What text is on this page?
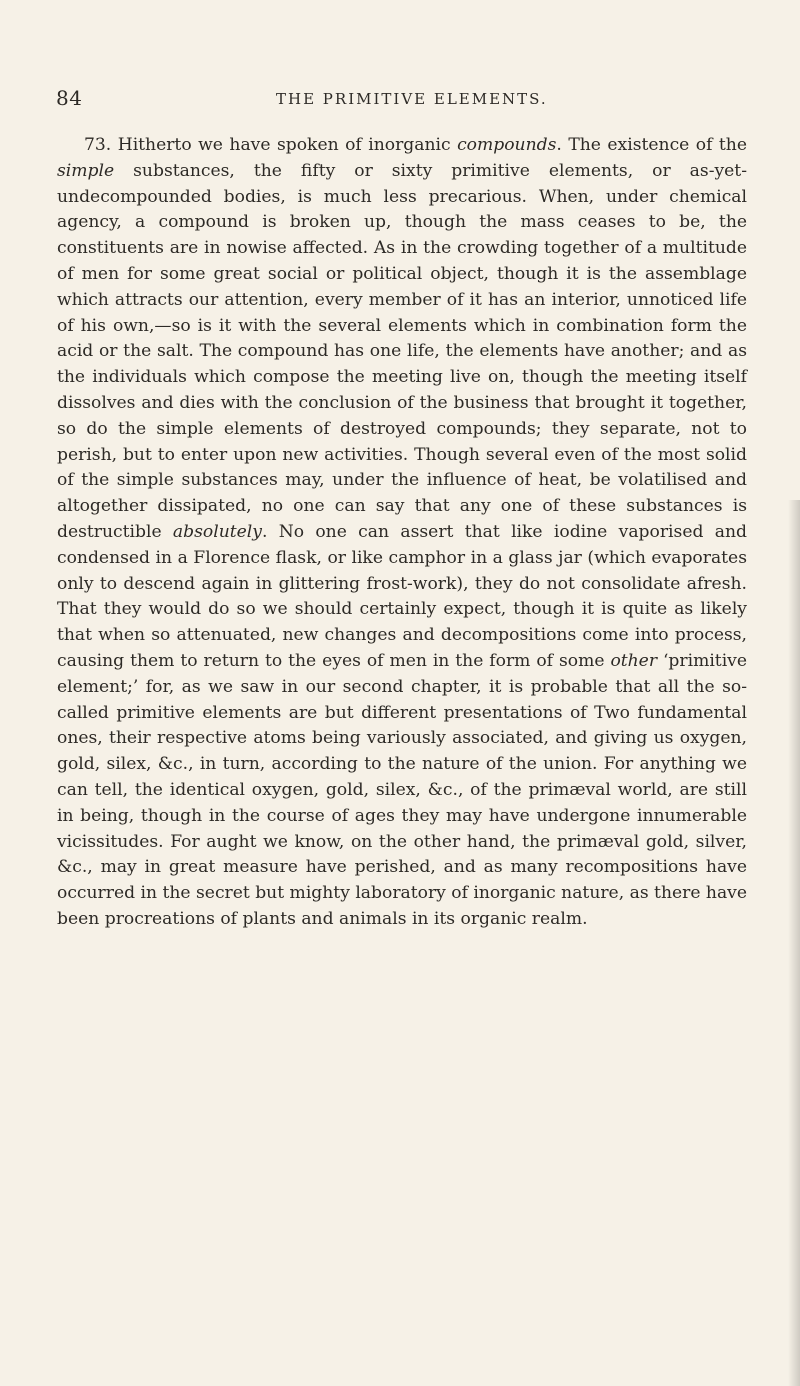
84	THE PRIMITIVE ELEMENTS.

73. Hitherto we have spoken of inorganic compounds. The existence of the simple substances, the fifty or sixty primitive elements, or as-yet-undecompounded bodies, is much less precarious. When, under chemical agency, a compound is broken up, though the mass ceases to be, the constituents are in nowise affected. As in the crowding together of a multitude of men for some great social or political object, though it is the assemblage which attracts our attention, every member of it has an interior, unnoticed life of his own,—so is it with the several elements which in combination form the acid or the salt. The compound has one life, the elements have another; and as the individuals which compose the meeting live on, though the meeting itself dissolves and dies with the conclusion of the business that brought it together, so do the simple elements of destroyed compounds; they separate, not to perish, but to enter upon new activities. Though several even of the most solid of the simple substances may, under the influence of heat, be volatilised and altogether dissipated, no one can say that any one of these substances is destructible absolutely. No one can assert that like iodine vaporised and condensed in a Florence flask, or like camphor in a glass jar (which evaporates only to descend again in glittering frost-work), they do not consolidate afresh. That they would do so we should certainly expect, though it is quite as likely that when so attenuated, new changes and decompositions come into process, causing them to return to the eyes of men in the form of some other ‘primitive element;’ for, as we saw in our second chapter, it is probable that all the so-called primitive elements are but different presentations of Two fundamental ones, their respective atoms being variously associated, and giving us oxygen, gold, silex, &c., in turn, according to the nature of the union. For anything we can tell, the identical oxygen, gold, silex, &c., of the primæval world, are still in being, though in the course of ages they may have undergone innumerable vicissitudes. For aught we know, on the other hand, the primæval gold, silver, &c., may in great measure have perished, and as many recompositions have occurred in the secret but mighty laboratory of inorganic nature, as there have been procreations of plants and animals in its organic realm.
